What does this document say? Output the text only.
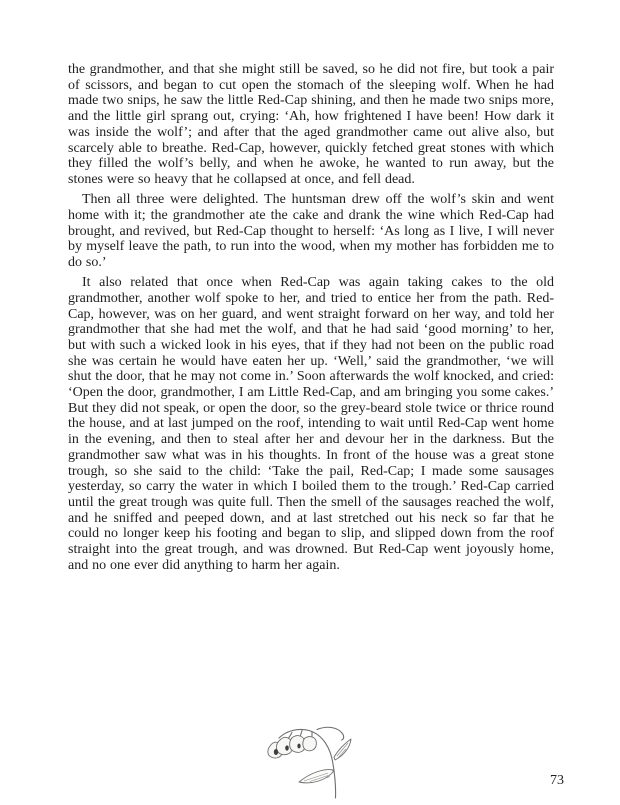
the grandmother, and that she might still be saved, so he did not fire, but took a pair of scissors, and began to cut open the stomach of the sleeping wolf. When he had made two snips, he saw the little Red-Cap shining, and then he made two snips more, and the little girl sprang out, crying: ‘Ah, how frightened I have been! How dark it was inside the wolf’; and after that the aged grandmother came out alive also, but scarcely able to breathe. Red-Cap, however, quickly fetched great stones with which they filled the wolf’s belly, and when he awoke, he wanted to run away, but the stones were so heavy that he collapsed at once, and fell dead.

Then all three were delighted. The huntsman drew off the wolf’s skin and went home with it; the grandmother ate the cake and drank the wine which Red-Cap had brought, and revived, but Red-Cap thought to herself: ‘As long as I live, I will never by myself leave the path, to run into the wood, when my mother has forbidden me to do so.’

It also related that once when Red-Cap was again taking cakes to the old grandmother, another wolf spoke to her, and tried to entice her from the path. Red-Cap, however, was on her guard, and went straight forward on her way, and told her grandmother that she had met the wolf, and that he had said ‘good morning’ to her, but with such a wicked look in his eyes, that if they had not been on the public road she was certain he would have eaten her up. ‘Well,’ said the grandmother, ‘we will shut the door, that he may not come in.’ Soon afterwards the wolf knocked, and cried: ‘Open the door, grandmother, I am Little Red-Cap, and am bringing you some cakes.’ But they did not speak, or open the door, so the grey-beard stole twice or thrice round the house, and at last jumped on the roof, intending to wait until Red-Cap went home in the evening, and then to steal after her and devour her in the darkness. But the grandmother saw what was in his thoughts. In front of the house was a great stone trough, so she said to the child: ‘Take the pail, Red-Cap; I made some sausages yesterday, so carry the water in which I boiled them to the trough.’ Red-Cap carried until the great trough was quite full. Then the smell of the sausages reached the wolf, and he sniffed and peeped down, and at last stretched out his neck so far that he could no longer keep his footing and began to slip, and slipped down from the roof straight into the great trough, and was drowned. But Red-Cap went joyously home, and no one ever did anything to harm her again.

73
